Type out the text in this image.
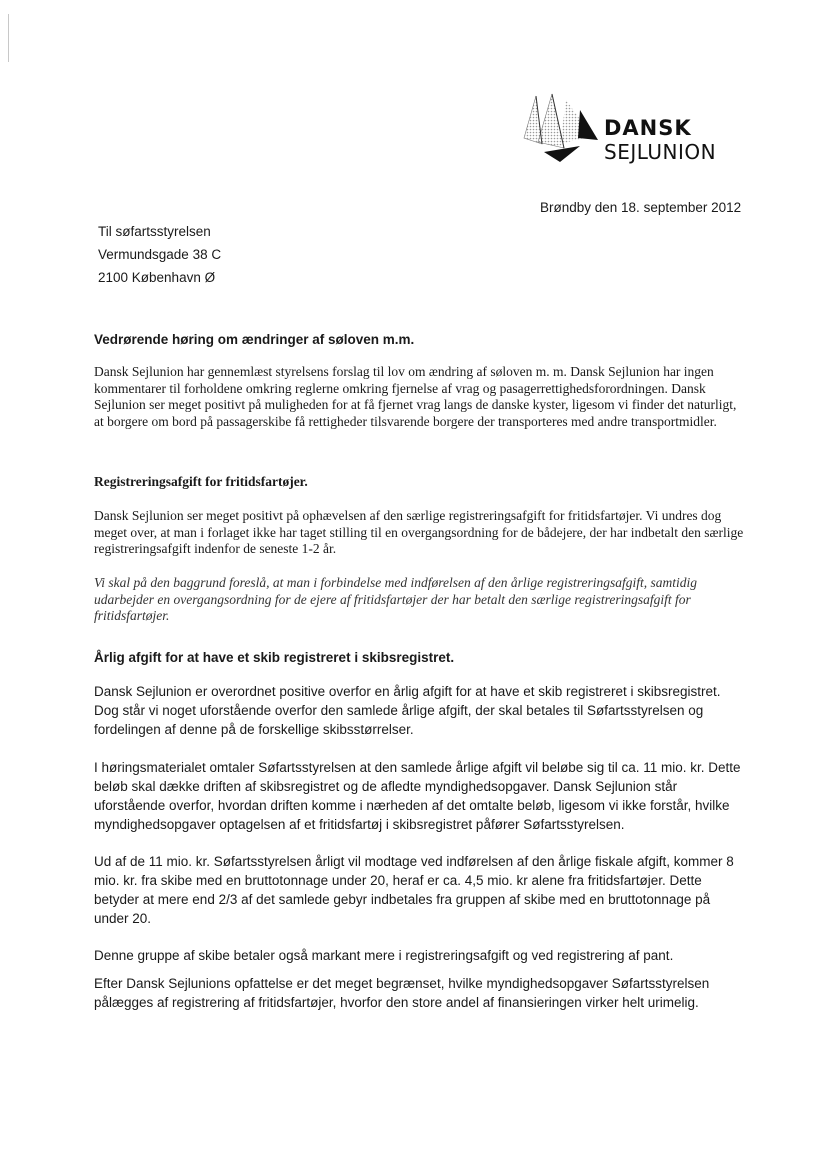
DANSK
SEJLUNION
Brøndby den 18. september 2012
Til søfartsstyrelsen
Vermundsgade 38 C
2100 København Ø
Vedrørende høring om ændringer af søloven m.m.
Dansk Sejlunion har gennemlæst styrelsens forslag til lov om ændring af søloven m. m. Dansk Sejlunion har ingen kommentarer til forholdene omkring reglerne omkring fjernelse af vrag og pasagerrettighedsforordningen. Dansk Sejlunion ser meget positivt på muligheden for at få fjernet vrag langs de danske kyster, ligesom vi finder det naturligt, at borgere om bord på passagerskibe få rettigheder tilsvarende borgere der transporteres med andre transportmidler.
Registreringsafgift for fritidsfartøjer.
Dansk Sejlunion ser meget positivt på ophævelsen af den særlige registreringsafgift for fritidsfartøjer. Vi undres dog meget over, at man i forlaget ikke har taget stilling til en overgangsordning for de bådejere, der har indbetalt den særlige registreringsafgift indenfor de seneste 1-2 år.
Vi skal på den baggrund foreslå, at man i forbindelse med indførelsen af den årlige registreringsafgift, samtidig udarbejder en overgangsordning for de ejere af fritidsfartøjer der har betalt den særlige registreringsafgift for fritidsfartøjer.
Årlig afgift for at have et skib registreret i skibsregistret.
Dansk Sejlunion er overordnet positive overfor en årlig afgift for at have et skib registreret i skibsregistret. Dog står vi noget uforstående overfor den samlede årlige afgift, der skal betales til Søfartsstyrelsen og fordelingen af denne på de forskellige skibsstørrelser.
I høringsmaterialet omtaler Søfartsstyrelsen at den samlede årlige afgift vil beløbe sig til ca. 11 mio. kr. Dette beløb skal dække driften af skibsregistret og de afledte myndighedsopgaver. Dansk Sejlunion står uforstående overfor, hvordan driften komme i nærheden af det omtalte beløb, ligesom vi ikke forstår, hvilke myndighedsopgaver optagelsen af et fritidsfartøj i skibsregistret påfører Søfartsstyrelsen.
Ud af de 11 mio. kr. Søfartsstyrelsen årligt vil modtage ved indførelsen af den årlige fiskale afgift, kommer 8 mio. kr. fra skibe med en bruttotonnage under 20, heraf er ca. 4,5 mio. kr alene fra fritidsfartøjer. Dette betyder at mere end 2/3 af det samlede gebyr indbetales fra gruppen af skibe med en bruttotonnage på under 20.
Denne gruppe af skibe betaler også markant mere i registreringsafgift og ved registrering af pant.
Efter Dansk Sejlunions opfattelse er det meget begrænset, hvilke myndighedsopgaver Søfartsstyrelsen pålægges af registrering af fritidsfartøjer, hvorfor den store andel af finansieringen virker helt urimelig.
